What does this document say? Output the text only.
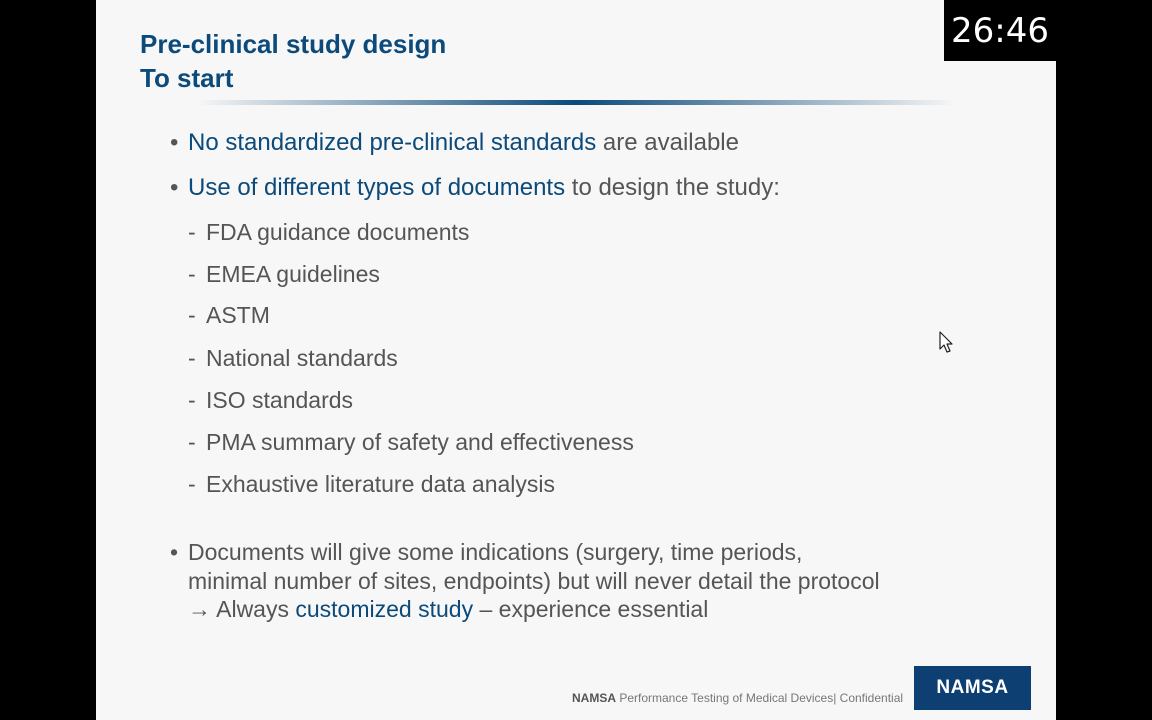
Pre-clinical study design
To start
• No standardized pre-clinical standards are available
• Use of different types of documents to design the study:
- FDA guidance documents
- EMEA guidelines
- ASTM
- National standards
- ISO standards
- PMA summary of safety and effectiveness
- Exhaustive literature data analysis
• Documents will give some indications (surgery, time periods,
minimal number of sites, endpoints) but will never detail the protocol
→ Always customized study – experience essential
NAMSA Performance Testing of Medical Devices| Confidential	NAMSA
26:46
